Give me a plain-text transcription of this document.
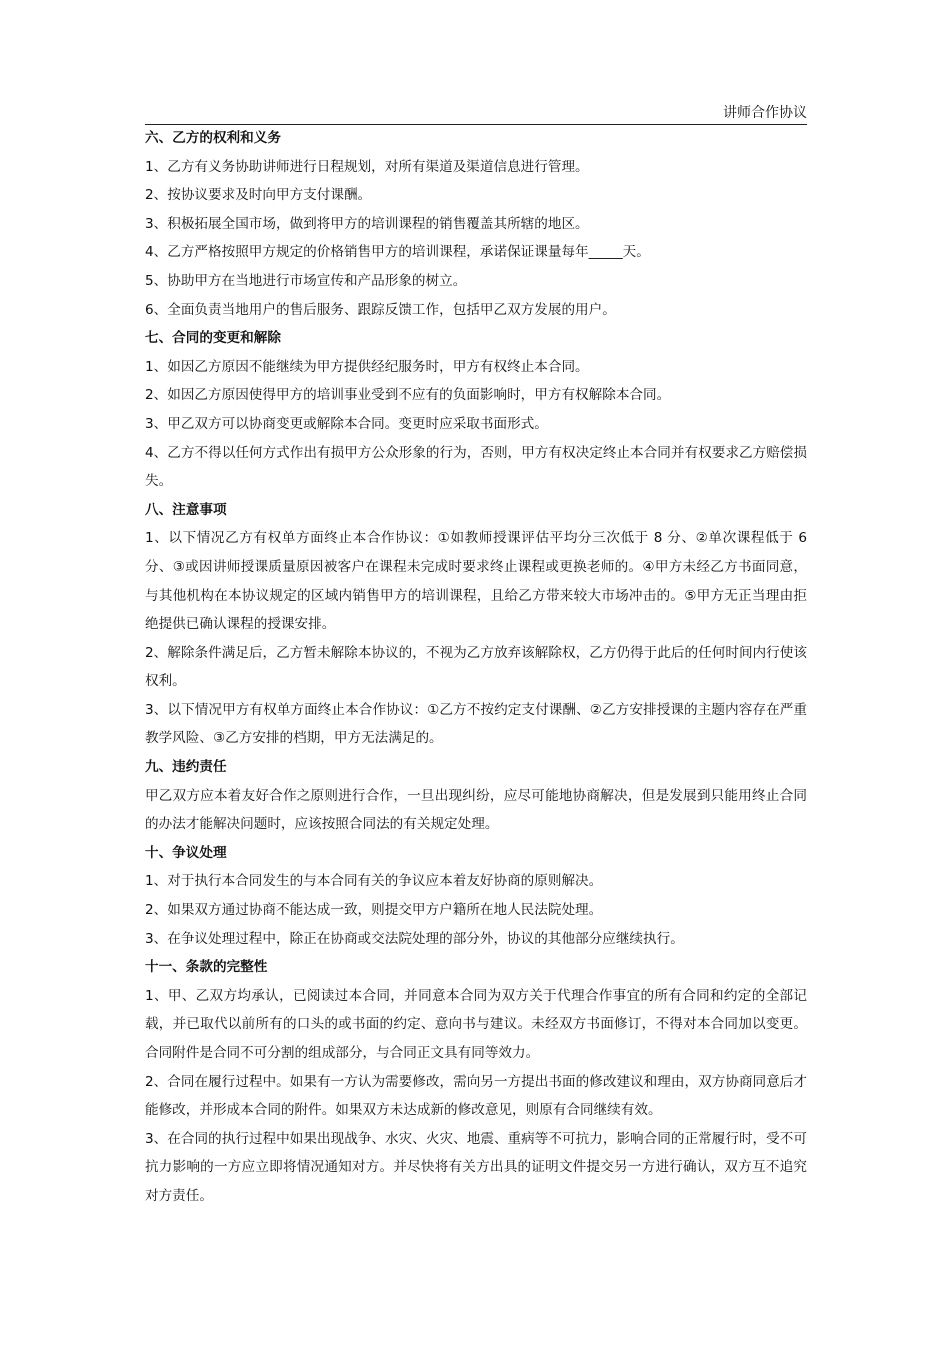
讲师合作协议

六、乙方的权利和义务

1、乙方有义务协助讲师进行日程规划，对所有渠道及渠道信息进行管理。

2、按协议要求及时向甲方支付课酬。

3、积极拓展全国市场，做到将甲方的培训课程的销售覆盖其所辖的地区。

4、乙方严格按照甲方规定的价格销售甲方的培训课程，承诺保证课量每年_____天。

5、协助甲方在当地进行市场宣传和产品形象的树立。

6、全面负责当地用户的售后服务、跟踪反馈工作，包括甲乙双方发展的用户。

七、合同的变更和解除

1、如因乙方原因不能继续为甲方提供经纪服务时，甲方有权终止本合同。

2、如因乙方原因使得甲方的培训事业受到不应有的负面影响时，甲方有权解除本合同。

3、甲乙双方可以协商变更或解除本合同。变更时应采取书面形式。

4、乙方不得以任何方式作出有损甲方公众形象的行为，否则，甲方有权决定终止本合同并有权要求乙方赔偿损失。

八、注意事项

1、以下情况乙方有权单方面终止本合作协议：①如教师授课评估平均分三次低于 8 分、②单次课程低于 6 分、③或因讲师授课质量原因被客户在课程未完成时要求终止课程或更换老师的。④甲方未经乙方书面同意，与其他机构在本协议规定的区域内销售甲方的培训课程，且给乙方带来较大市场冲击的。⑤甲方无正当理由拒绝提供已确认课程的授课安排。

2、解除条件满足后，乙方暂未解除本协议的，不视为乙方放弃该解除权，乙方仍得于此后的任何时间内行使该权利。

3、以下情况甲方有权单方面终止本合作协议：①乙方不按约定支付课酬、②乙方安排授课的主题内容存在严重教学风险、③乙方安排的档期，甲方无法满足的。

九、违约责任

甲乙双方应本着友好合作之原则进行合作，一旦出现纠纷，应尽可能地协商解决，但是发展到只能用终止合同的办法才能解决问题时，应该按照合同法的有关规定处理。

十、争议处理

1、对于执行本合同发生的与本合同有关的争议应本着友好协商的原则解决。

2、如果双方通过协商不能达成一致，则提交甲方户籍所在地人民法院处理。

3、在争议处理过程中，除正在协商或交法院处理的部分外，协议的其他部分应继续执行。

十一、条款的完整性

1、甲、乙双方均承认，已阅读过本合同，并同意本合同为双方关于代理合作事宜的所有合同和约定的全部记载，并已取代以前所有的口头的或书面的约定、意向书与建议。未经双方书面修订，不得对本合同加以变更。合同附件是合同不可分割的组成部分，与合同正文具有同等效力。

2、合同在履行过程中。如果有一方认为需要修改，需向另一方提出书面的修改建议和理由，双方协商同意后才能修改，并形成本合同的附件。如果双方未达成新的修改意见，则原有合同继续有效。

3、在合同的执行过程中如果出现战争、水灾、火灾、地震、重病等不可抗力，影响合同的正常履行时，受不可抗力影响的一方应立即将情况通知对方。并尽快将有关方出具的证明文件提交另一方进行确认，双方互不追究对方责任。
